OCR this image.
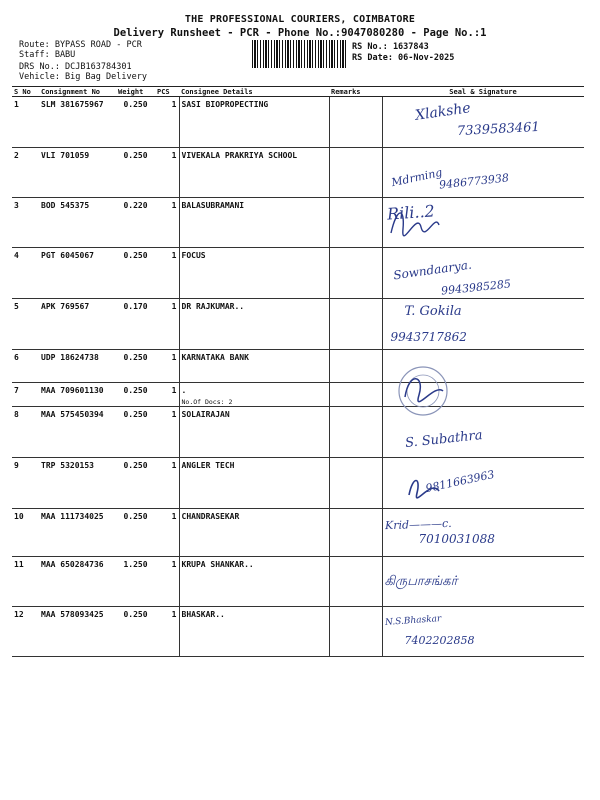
THE PROFESSIONAL COURIERS, COIMBATORE
Delivery Runsheet - PCR - Phone No.:9047080280 - Page No.:1
Route: BYPASS ROAD - PCR
Staff: BABU
DRS No.: DCJB163784301
Vehicle: Big Bag Delivery
RS No.: 1637843
RS Date: 06-Nov-2025
S No	Consignment No	Weight	PCS	Consignee Details	Remarks	Seal & Signature
1	SLM 381675967	0.250	1	SASI BIOPROPECTING		Xlakshe
7339583461

2	VLI 701059	0.250	1	VIVEKALA PRAKRIYA SCHOOL		Mdrming
9486773938

3	BOD 545375	0.220	1	BALASUBRAMANI		Rili..2

4	PGT 6045067	0.250	1	FOCUS		Sowndaarya.
9943985285

5	APK 769567	0.170	1	DR RAJKUMAR..		T. Gokila
9943717862

6	UDP 18624738	0.250	1	KARNATAKA BANK

7	MAA 709601130	0.250	1	.
No.Of Docs: 2		

8	MAA 575450394	0.250	1	SOLAIRAJAN		S. Subathra

9	TRP 5320153	0.250	1	ANGLER TECH		9811663963

10	MAA 111734025	0.250	1	CHANDRASEKAR		Krid———c.
7010031088

11	MAA 650284736	1.250	1	KRUPA SHANKAR..		கிருபாசங்கர்

12	MAA 578093425	0.250	1	BHASKAR..		N.S.Bhaskar
7402202858
